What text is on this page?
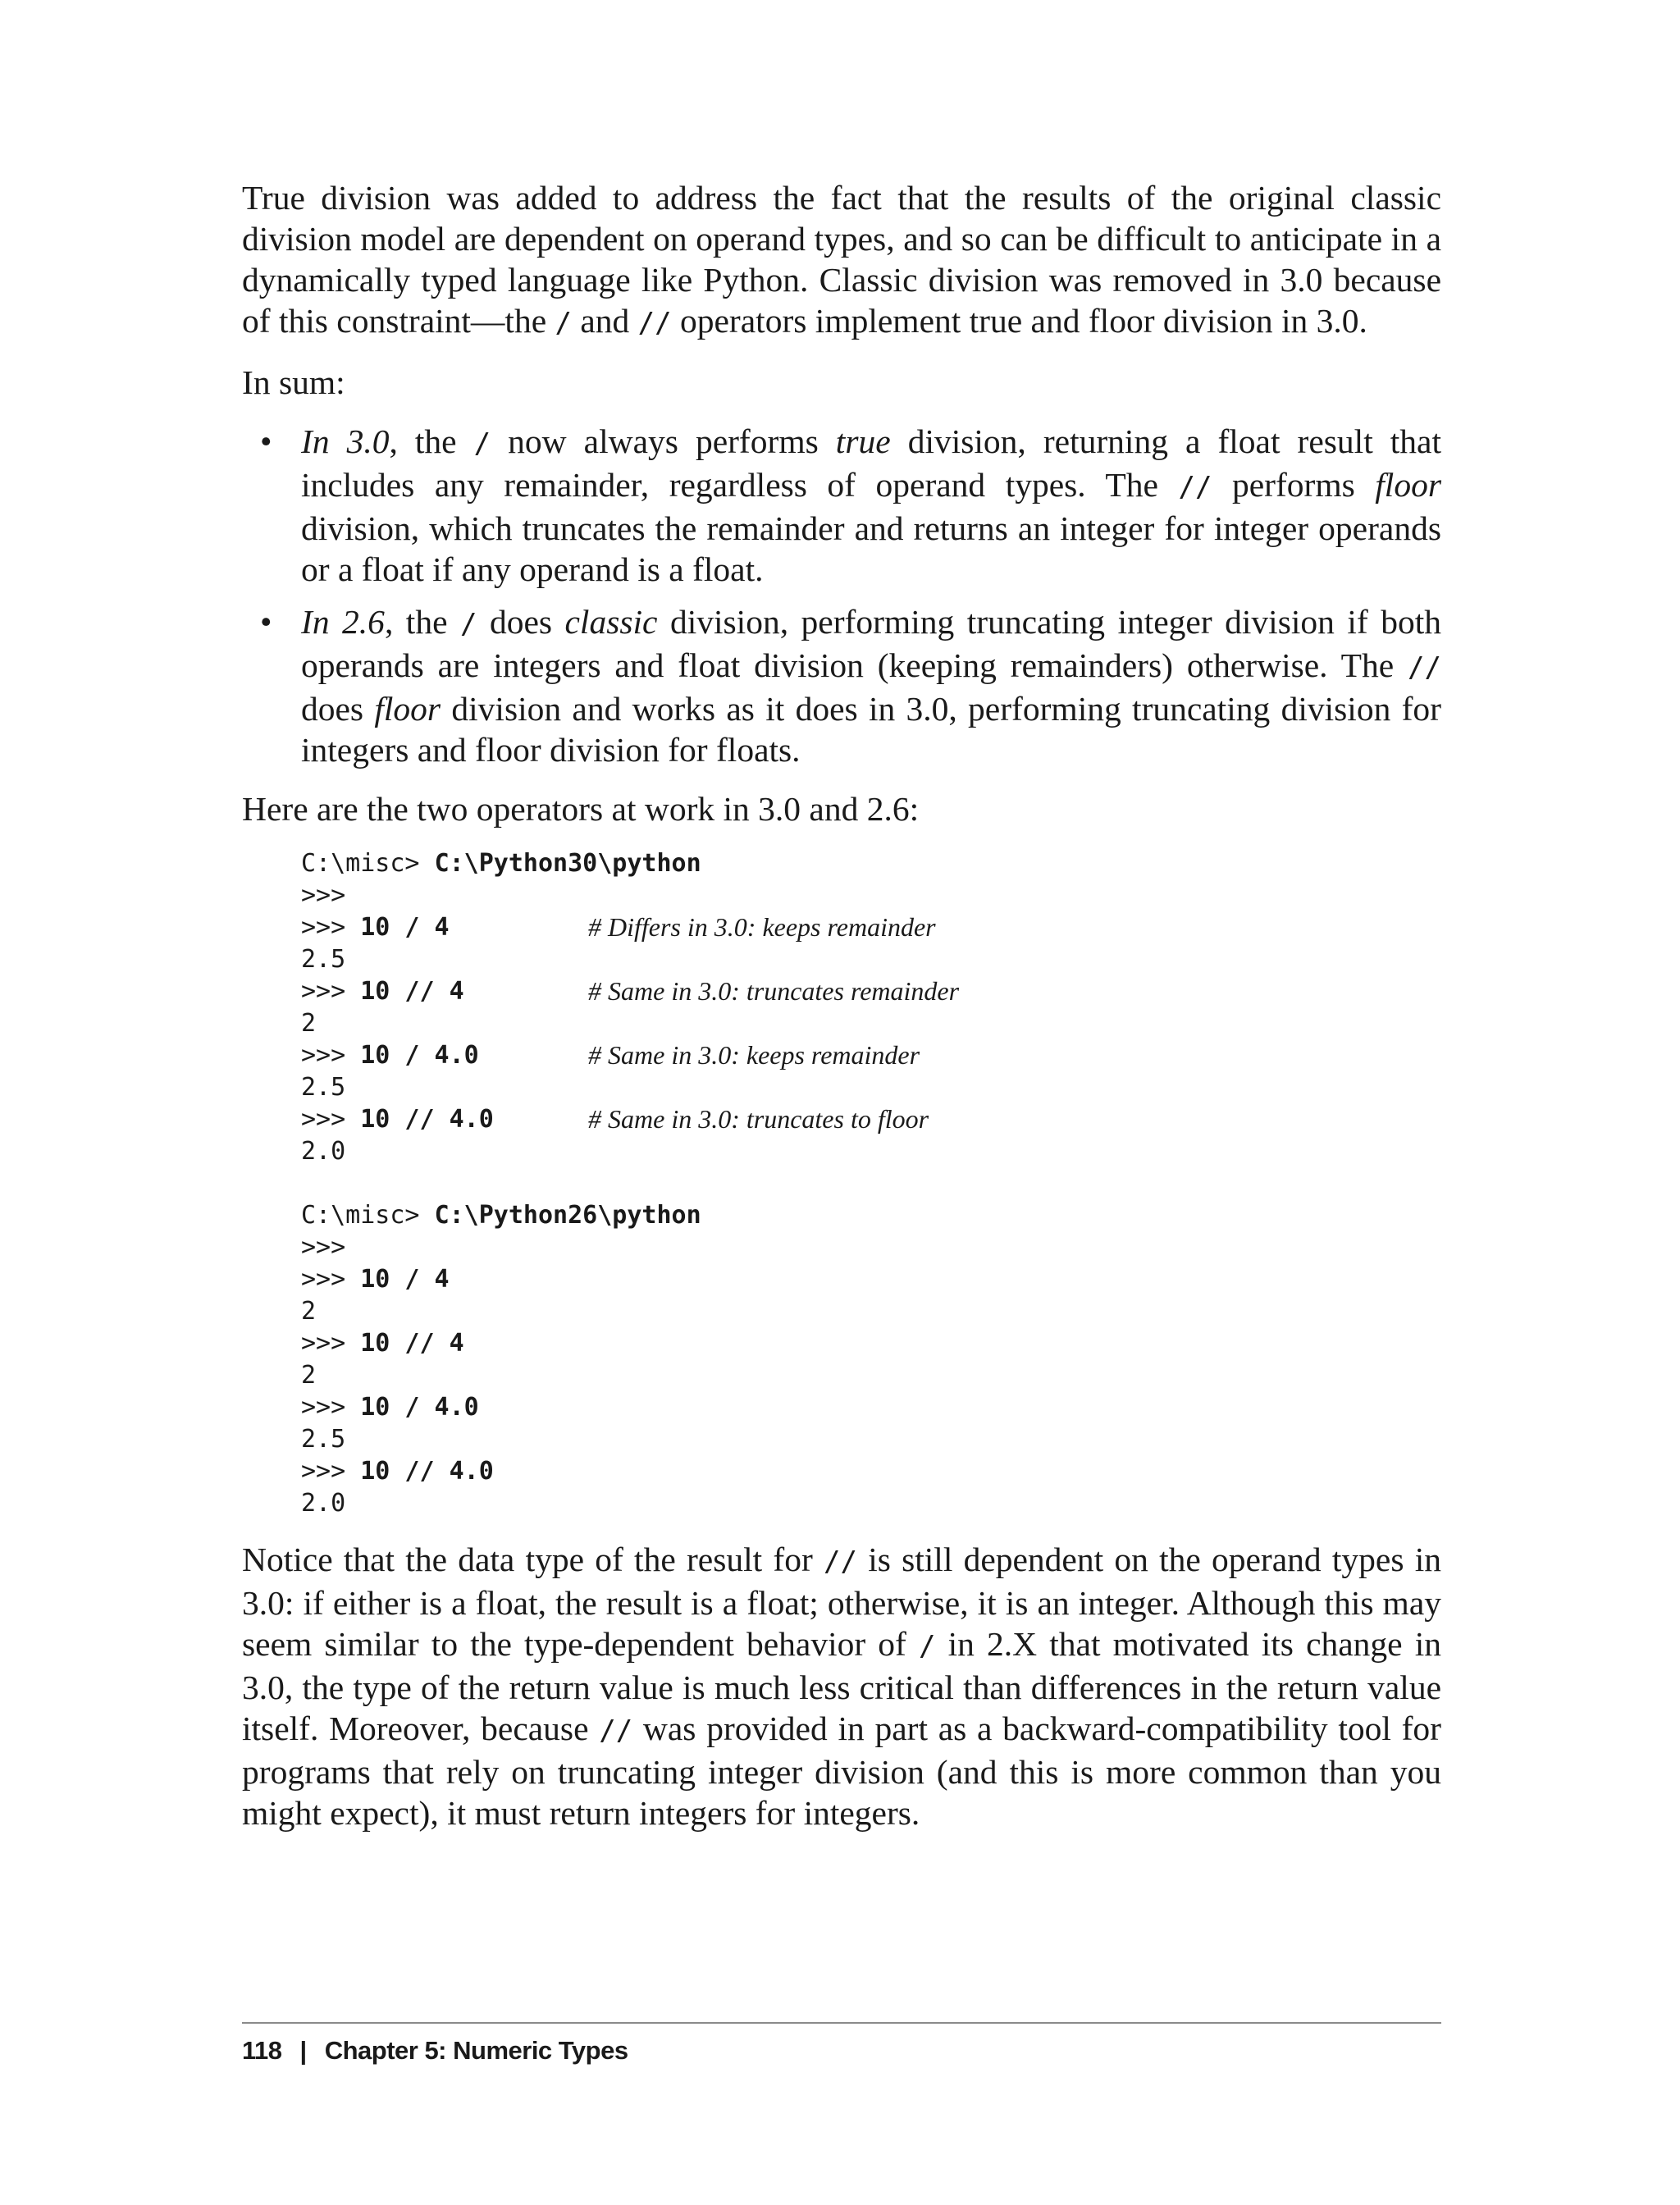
True division was added to address the fact that the results of the original classic division model are dependent on operand types, and so can be difficult to anticipate in a dynamically typed language like Python. Classic division was removed in 3.0 because of this constraint—the / and // operators implement true and floor division in 3.0.

In sum:

• In 3.0, the / now always performs true division, returning a float result that includes any remainder, regardless of operand types. The // performs floor division, which truncates the remainder and returns an integer for integer operands or a float if any operand is a float.
• In 2.6, the / does classic division, performing truncating integer division if both operands are integers and float division (keeping remainders) otherwise. The // does floor division and works as it does in 3.0, performing truncating division for integers and floor division for floats.

Here are the two operators at work in 3.0 and 2.6:

C:\misc> C:\Python30\python
>>>
>>> 10 / 4	# Differs in 3.0: keeps remainder
2.5
>>> 10 // 4	# Same in 3.0: truncates remainder
2
>>> 10 / 4.0	# Same in 3.0: keeps remainder
2.5
>>> 10 // 4.0	# Same in 3.0: truncates to floor
2.0
C:\misc> C:\Python26\python
>>>
>>> 10 / 4
2
>>> 10 // 4
2
>>> 10 / 4.0
2.5
>>> 10 // 4.0
2.0

Notice that the data type of the result for // is still dependent on the operand types in 3.0: if either is a float, the result is a float; otherwise, it is an integer. Although this may seem similar to the type-dependent behavior of / in 2.X that motivated its change in 3.0, the type of the return value is much less critical than differences in the return value itself. Moreover, because // was provided in part as a backward-compatibility tool for programs that rely on truncating integer division (and this is more common than you might expect), it must return integers for integers.

118 | Chapter 5: Numeric Types
